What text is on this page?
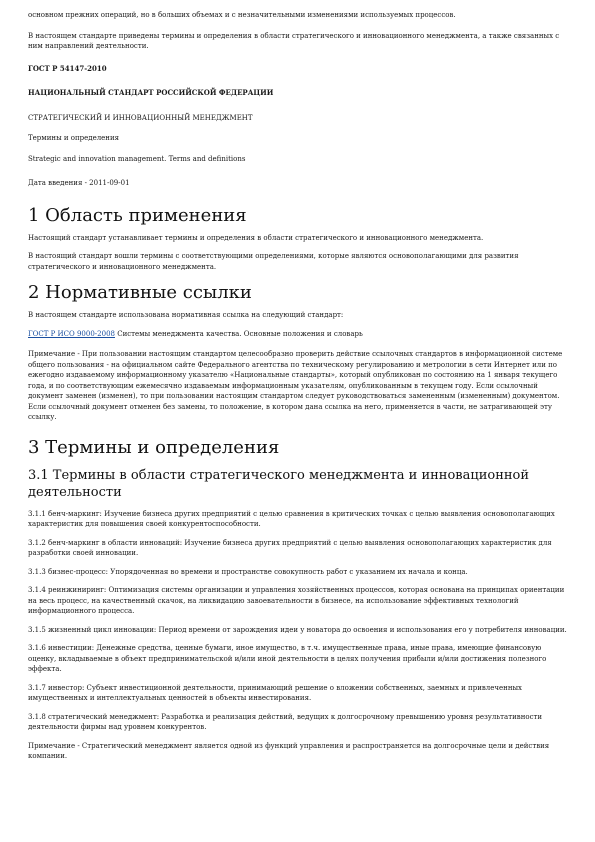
основном прежних операций, но в больших объемах и с незначительными изменениями используемых процессов.

В настоящем стандарте приведены термины и определения в области стратегического и инновационного менеджмента, а также связанных с ним направлений деятельности.

ГОСТ Р 54147-2010

НАЦИОНАЛЬНЫЙ СТАНДАРТ РОССИЙСКОЙ ФЕДЕРАЦИИ

СТРАТЕГИЧЕСКИЙ И ИННОВАЦИОННЫЙ МЕНЕДЖМЕНТ

Термины и определения

Strategic and innovation management. Terms and definitions

Дата введения - 2011-09-01

1 Область применения

Настоящий стандарт устанавливает термины и определения в области стратегического и инновационного менеджмента.

В настоящий стандарт вошли термины с соответствующими определениями, которые являются основополагающими для развития стратегического и инновационного менеджмента.

2 Нормативные ссылки

В настоящем стандарте использована нормативная ссылка на следующий стандарт:

ГОСТ Р ИСО 9000-2008 Системы менеджмента качества. Основные положения и словарь

Примечание - При пользовании настоящим стандартом целесообразно проверить действие ссылочных стандартов в информационной системе общего пользования - на официальном сайте Федерального агентства по техническому регулированию и метрологии в сети Интернет или по ежегодно издаваемому информационному указателю «Национальные стандарты», который опубликован по состоянию на 1 января текущего года, и по соответствующим ежемесячно издаваемым информационным указателям, опубликованным в текущем году. Если ссылочный документ заменен (изменен), то при пользовании настоящим стандартом следует руководствоваться замененным (измененным) документом. Если ссылочный документ отменен без замены, то положение, в котором дана ссылка на него, применяется в части, не затрагивающей эту ссылку.

3 Термины и определения
3.1 Термины в области стратегического менеджмента и инновационной деятельности

3.1.1 бенч-маркинг: Изучение бизнеса других предприятий с целью сравнения в критических точках с целью выявления основополагающих характеристик для повышения своей конкурентоспособности.

3.1.2 бенч-маркинг в области инноваций: Изучение бизнеса других предприятий с целью выявления основополагающих характеристик для разработки своей инновации.

3.1.3 бизнес-процесс: Упорядоченная во времени и пространстве совокупность работ с указанием их начала и конца.

3.1.4 реинжиниринг: Оптимизация системы организации и управления хозяйственных процессов, которая основана на принципах ориентации на весь процесс, на качественный скачок, на ликвидацию завоевательности в бизнесе, на использование эффективных технологий информационного процесса.

3.1.5 жизненный цикл инновации: Период времени от зарождения идеи у новатора до освоения и использования его у потребителя инновации.

3.1.6 инвестиции: Денежные средства, ценные бумаги, иное имущество, в т.ч. имущественные права, иные права, имеющие финансовую оценку, вкладываемые в объект предпринимательской и/или иной деятельности в целях получения прибыли и/или достижения полезного эффекта.

3.1.7 инвестор: Субъект инвестиционной деятельности, принимающий решение о вложении собственных, заемных и привлеченных имущественных и интеллектуальных ценностей в объекты инвестирования.

3.1.8 стратегический менеджмент: Разработка и реализация действий, ведущих к долгосрочному превышению уровня результативности деятельности фирмы над уровнем конкурентов.

Примечание - Стратегический менеджмент является одной из функций управления и распространяется на долгосрочные цели и действия компании.
